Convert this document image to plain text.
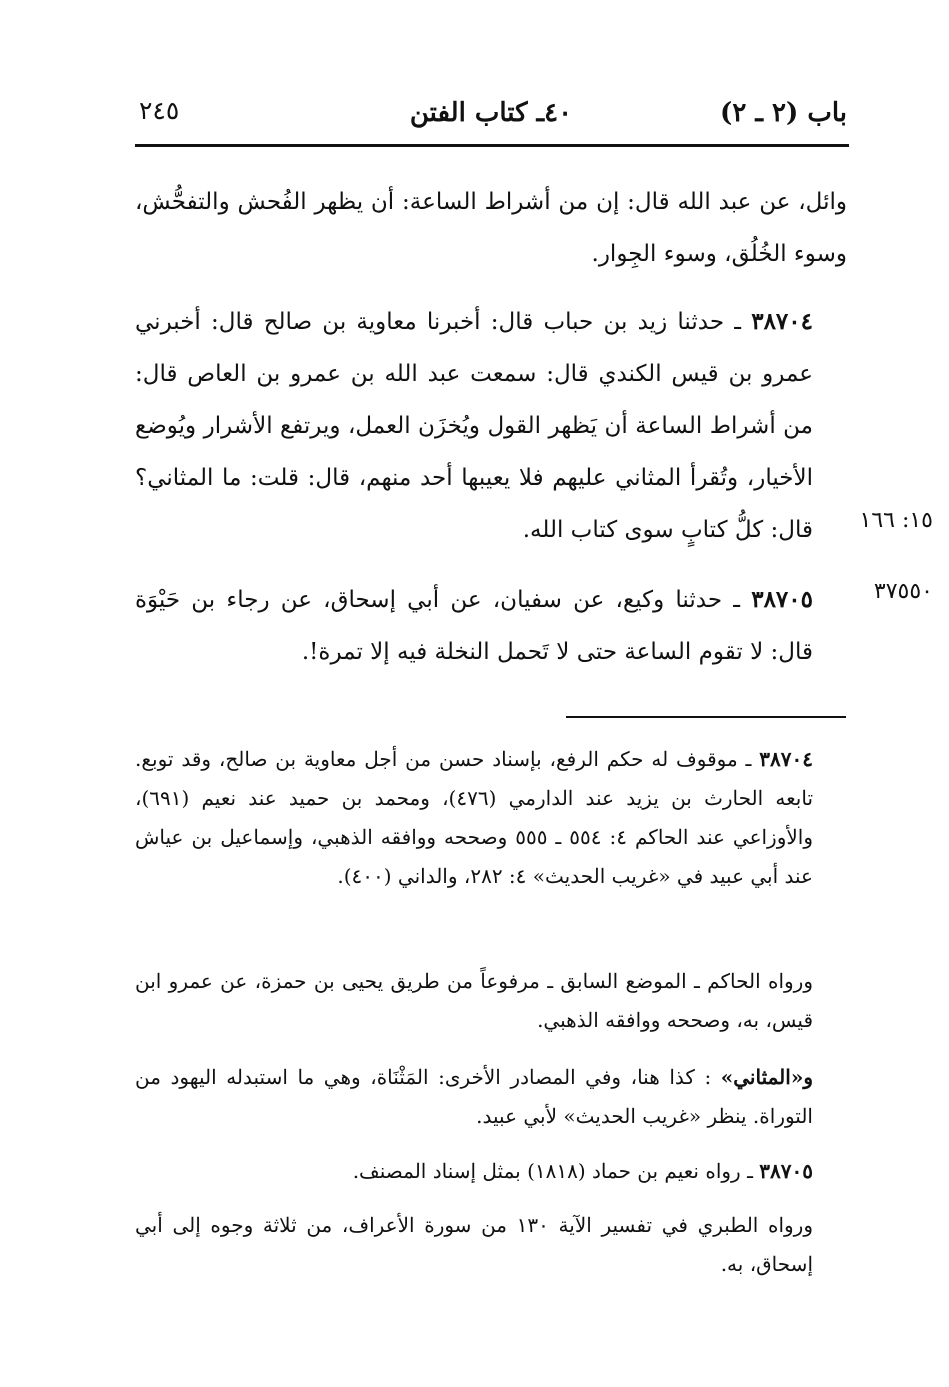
باب (٢ ـ ٢)
٤٠ـ كتاب الفتن
٢٤٥

وائل، عن عبد الله قال: إن من أشراط الساعة: أن يظهر الفُحش والتفحُّش، وسوء الخُلُق، وسوء الجِوار.

٣٨٧٠٤ ـ حدثنا زيد بن حباب قال: أخبرنا معاوية بن صالح قال: أخبرني عمرو بن قيس الكندي قال: سمعت عبد الله بن عمرو بن العاص قال: من أشراط الساعة أن يَظهر القول ويُخزَن العمل، ويرتفع الأشرار ويُوضع الأخيار، وتُقرأ المثاني عليهم فلا يعيبها أحد منهم، قال: قلت: ما المثاني؟ قال: كلُّ كتابٍ سوى كتاب الله.

٣٨٧٠٥ ـ حدثنا وكيع، عن سفيان، عن أبي إسحاق، عن رجاء بن حَيْوَة قال: لا تقوم الساعة حتى لا تَحمل النخلة فيه إلا تمرة!.

١٥: ١٦٦
٣٧٥٥٠

٣٨٧٠٤ ـ موقوف له حكم الرفع، بإسناد حسن من أجل معاوية بن صالح، وقد توبع. تابعه الحارث بن يزيد عند الدارمي (٤٧٦)، ومحمد بن حميد عند نعيم (٦٩١)، والأوزاعي عند الحاكم ٤: ٥٥٤ ـ ٥٥٥ وصححه ووافقه الذهبي، وإسماعيل بن عياش عند أبي عبيد في «غريب الحديث» ٤: ٢٨٢، والداني (٤٠٠).

ورواه الحاكم ـ الموضع السابق ـ مرفوعاً من طريق يحيى بن حمزة، عن عمرو ابن قيس، به، وصححه ووافقه الذهبي.

و«المثاني» : كذا هنا، وفي المصادر الأخرى: المَثْنَاة، وهي ما استبدله اليهود من التوراة. ينظر «غريب الحديث» لأبي عبيد.

٣٨٧٠٥ ـ رواه نعيم بن حماد (١٨١٨) بمثل إسناد المصنف.

ورواه الطبري في تفسير الآية ١٣٠ من سورة الأعراف، من ثلاثة وجوه إلى أبي إسحاق، به.
